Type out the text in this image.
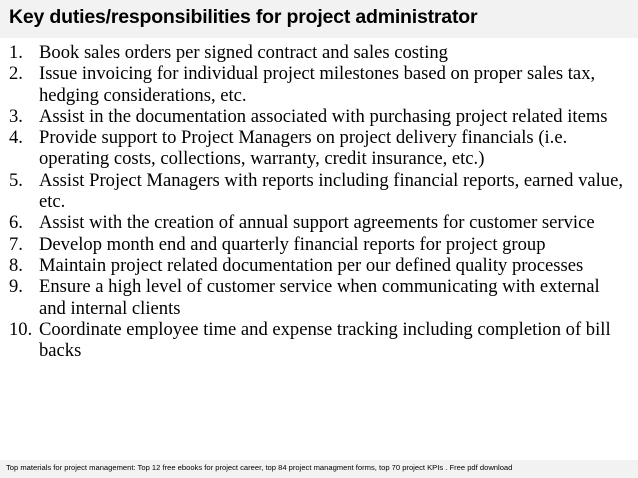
Key duties/responsibilities for project administrator
1. Book sales orders per signed contract and sales costing
2. Issue invoicing for individual project milestones based on proper sales tax, hedging considerations, etc.
3. Assist in the documentation associated with purchasing project related items
4. Provide support to Project Managers on project delivery financials (i.e. operating costs, collections, warranty, credit insurance, etc.)
5. Assist Project Managers with reports including financial reports, earned value, etc.
6. Assist with the creation of annual support agreements for customer service
7. Develop month end and quarterly financial reports for project group
8. Maintain project related documentation per our defined quality processes
9. Ensure a high level of customer service when communicating with external and internal clients
10. Coordinate employee time and expense tracking including completion of bill backs
Top materials for project management: Top 12 free ebooks for project career, top 84 project managment forms, top 70 project KPIs . Free pdf download
